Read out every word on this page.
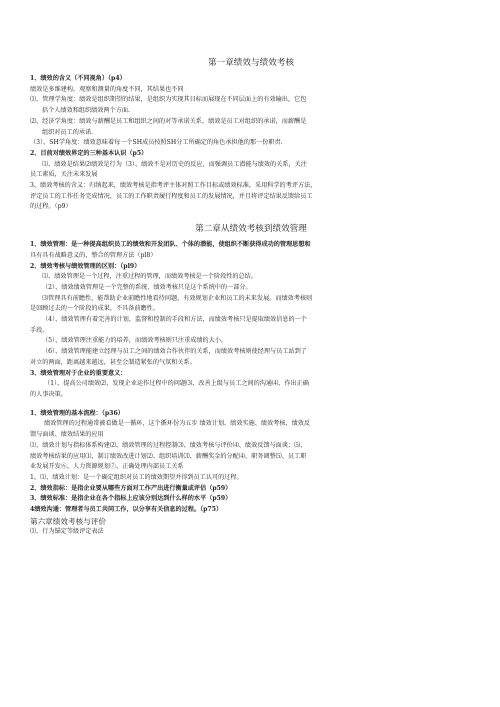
第一章绩效与绩效考核
1、绩效的含义（不同视角）（p4）
绩效是多维建构，观察和测量的角度不同，其结果也不同
⑴、管理学角度：绩效是组织期望的结果，是组织为实现其目标而展现在不同层面上的有效输出，它包
括个人绩效和组织绩效两个方面.
⑵、经济学角度：绩效与薪酬是员工和组织之间的对等承诺关系，绩效是员工对组织的承诺，而薪酬是
组织对员工的承诺.
（3）、SH学角度：绩效意味着每一个SH成员按照SH分工所确定的角色承担他的那一份职责.
2、目前对绩效界定的三种基本认识（p5）
⑴、绩效是结果⑵绩效是行为（3）、绩效不是对历史的反应，而强调员工潜能与绩效的关系，关注
员工素质，关注未来发展
3、绩效考核的含义：归纳起来，绩效考核是指考评主体对照工作目标或绩效标准，采用科学的考评方法，
评定员工的工作任务完成情况，员工的工作职责履行程度和员工的发展情况，并且将评定结果反馈给员工
的过程。（p9）
第二章从绩效考核到绩效管理
1、绩效管理：是一种提高组织员工的绩效和开发团队、个体的潜能，使组织不断获得成功的管理思想和
具有具有战略意义的、整合的管理方法（pl8）
2、绩效考核与绩效管理的区别：（pl9）
⑴、绩效管理是一个过程，注重过程的管理，而绩效考核是一个阶段性的总结。
（2）、绩效绩效管理是一个完整的系统，绩效考核只是这个系统中的一部分。
⑶管理具有前瞻性，能帮助企业前瞻性地看待问题，有效规划企业和员工的未来发展。而绩效考核则
是回顾过去的一个阶段的成果，不具备前瞻性。
（4）、绩效管理有着完善的计划、监督和控制的手段和方法，而绩效考核只是提取绩效信息的一个
手段。
（5）、绩效管理注重能力的培养，而绩效考核则只注重成绩的大小。
（6）、绩效管理能建立经理与员工之间的绩效合作伙伴的关系，而绩效考核则使经理与员工站到了
对立的两面，距离越来越远，甚至会制造紧张的气氛和关系。
3、绩效管理对于企业的重要意义：
（1）、提高公司绩效⑵、发现企业运作过程中的问题⑶、改善上级与员工之间的沟通⑷、作出正确
的人事决策。
1、绩效管理的基本流程：（p36）
绩效管理的过程通常被看做是一循环，这个循环份为五步 绩效计划、绩效实施、绩效考核、绩效反
馈与面谈、绩效结果的应用
⑴、绩效计划与指标体系构建⑵、绩效管理的过程控制⑶、绩效考核与评价⑷、绩效反馈与面谈；⑸、
绩效考核结果的应用⑴、制订绩效改进计划⑵、组织培训⑶、薪酬奖金的分配⑷、职务调整⑸、员工职
业发展开发⑥、人力资源规划⑦、正确处理内部员工关系
1、⑴、绩效计划：是一个确定组织对员工的绩效期望并得到员工认可的过程。
2、绩效指标：是指企业要从哪些方面对工作产出进行衡量或评估（p59）
3、绩效标准：是指企业在各个指标上应该分别达到什么样的水平（p59）
4绩效沟通：管理者与员工共同工作，以分享有关信息的过程。（p75）
第六章绩效考核与评价
⑴、行为锚定等级评定表法
